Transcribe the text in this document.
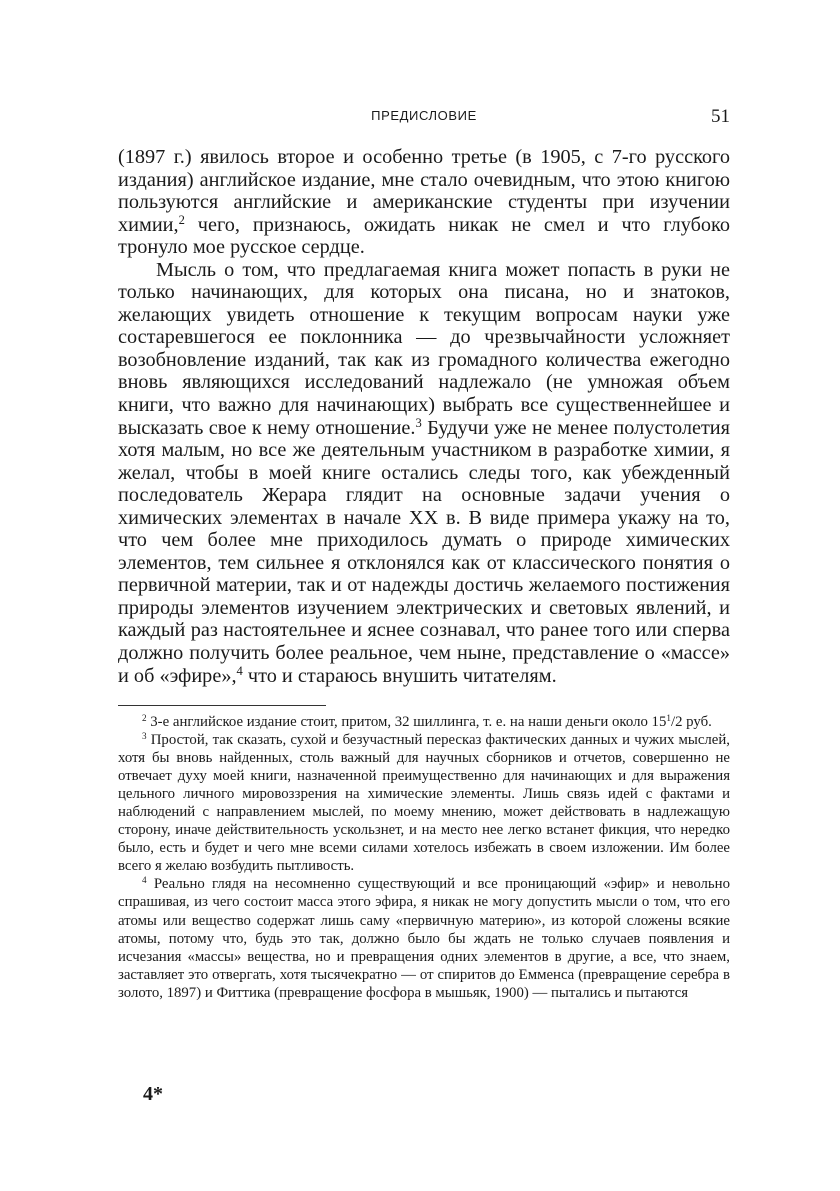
ПРЕДИСЛОВИЕ	51

(1897 г.) явилось второе и особенно третье (в 1905, с 7-го русского издания) английское издание, мне стало очевидным, что этою книгою пользуются английские и американские студенты при изучении химии,$^2$ чего, признаюсь, ожидать никак не смел и что глубоко тронуло мое русское сердце.

Мысль о том, что предлагаемая книга может попасть в руки не только начинающих, для которых она писана, но и знатоков, желающих увидеть отношение к текущим вопросам науки уже состаревшегося ее поклонника — до чрезвычайности усложняет возобновление изданий, так как из громадного количества ежегодно вновь являющихся исследований надлежало (не умножая объем книги, что важно для начинающих) выбрать все существеннейшее и высказать свое к нему отношение.$^3$ Будучи уже не менее полустолетия хотя малым, но все же деятельным участником в разработке химии, я желал, чтобы в моей книге остались следы того, как убежденный последователь Жерара глядит на основные задачи учения о химических элементах в начале XX в. В виде примера укажу на то, что чем более мне приходилось думать о природе химических элементов, тем сильнее я отклонялся как от классического понятия о первичной материи, так и от надежды достичь желаемого постижения природы элементов изучением электрических и световых явлений, и каждый раз настоятельнее и яснее сознавал, что ранее того или сперва должно получить более реальное, чем ныне, представление о «массе» и об «эфире»,$^4$ что и стараюсь внушить читателям.

$^2$ 3-е английское издание стоит, притом, 32 шиллинга, т. е. на наши деньги около $15^1/2$ руб.

$^3$ Простой, так сказать, сухой и безучастный пересказ фактических данных и чужих мыслей, хотя бы вновь найденных, столь важный для научных сборников и отчетов, совершенно не отвечает духу моей книги, назначенной преимущественно для начинающих и для выражения цельного личного мировоззрения на химические элементы. Лишь связь идей с фактами и наблюдений с направлением мыслей, по моему мнению, может действовать в надлежащую сторону, иначе действительность ускользнет, и на место нее легко встанет фикция, что нередко было, есть и будет и чего мне всеми силами хотелось избежать в своем изложении. Им более всего я желаю возбудить пытливость.

$^4$ Реально глядя на несомненно существующий и все проницающий «эфир» и невольно спрашивая, из чего состоит масса этого эфира, я никак не могу допустить мысли о том, что его атомы или вещество содержат лишь саму «первичную материю», из которой сложены всякие атомы, потому что, будь это так, должно было бы ждать не только случаев появления и исчезания «массы» вещества, но и превращения одних элементов в другие, а все, что знаем, заставляет это отвергать, хотя тысячекратно — от спиритов до Емменса (превращение серебра в золото, 1897) и Фиттика (превращение фосфора в мышьяк, 1900) — пытались и пытаются

4*
